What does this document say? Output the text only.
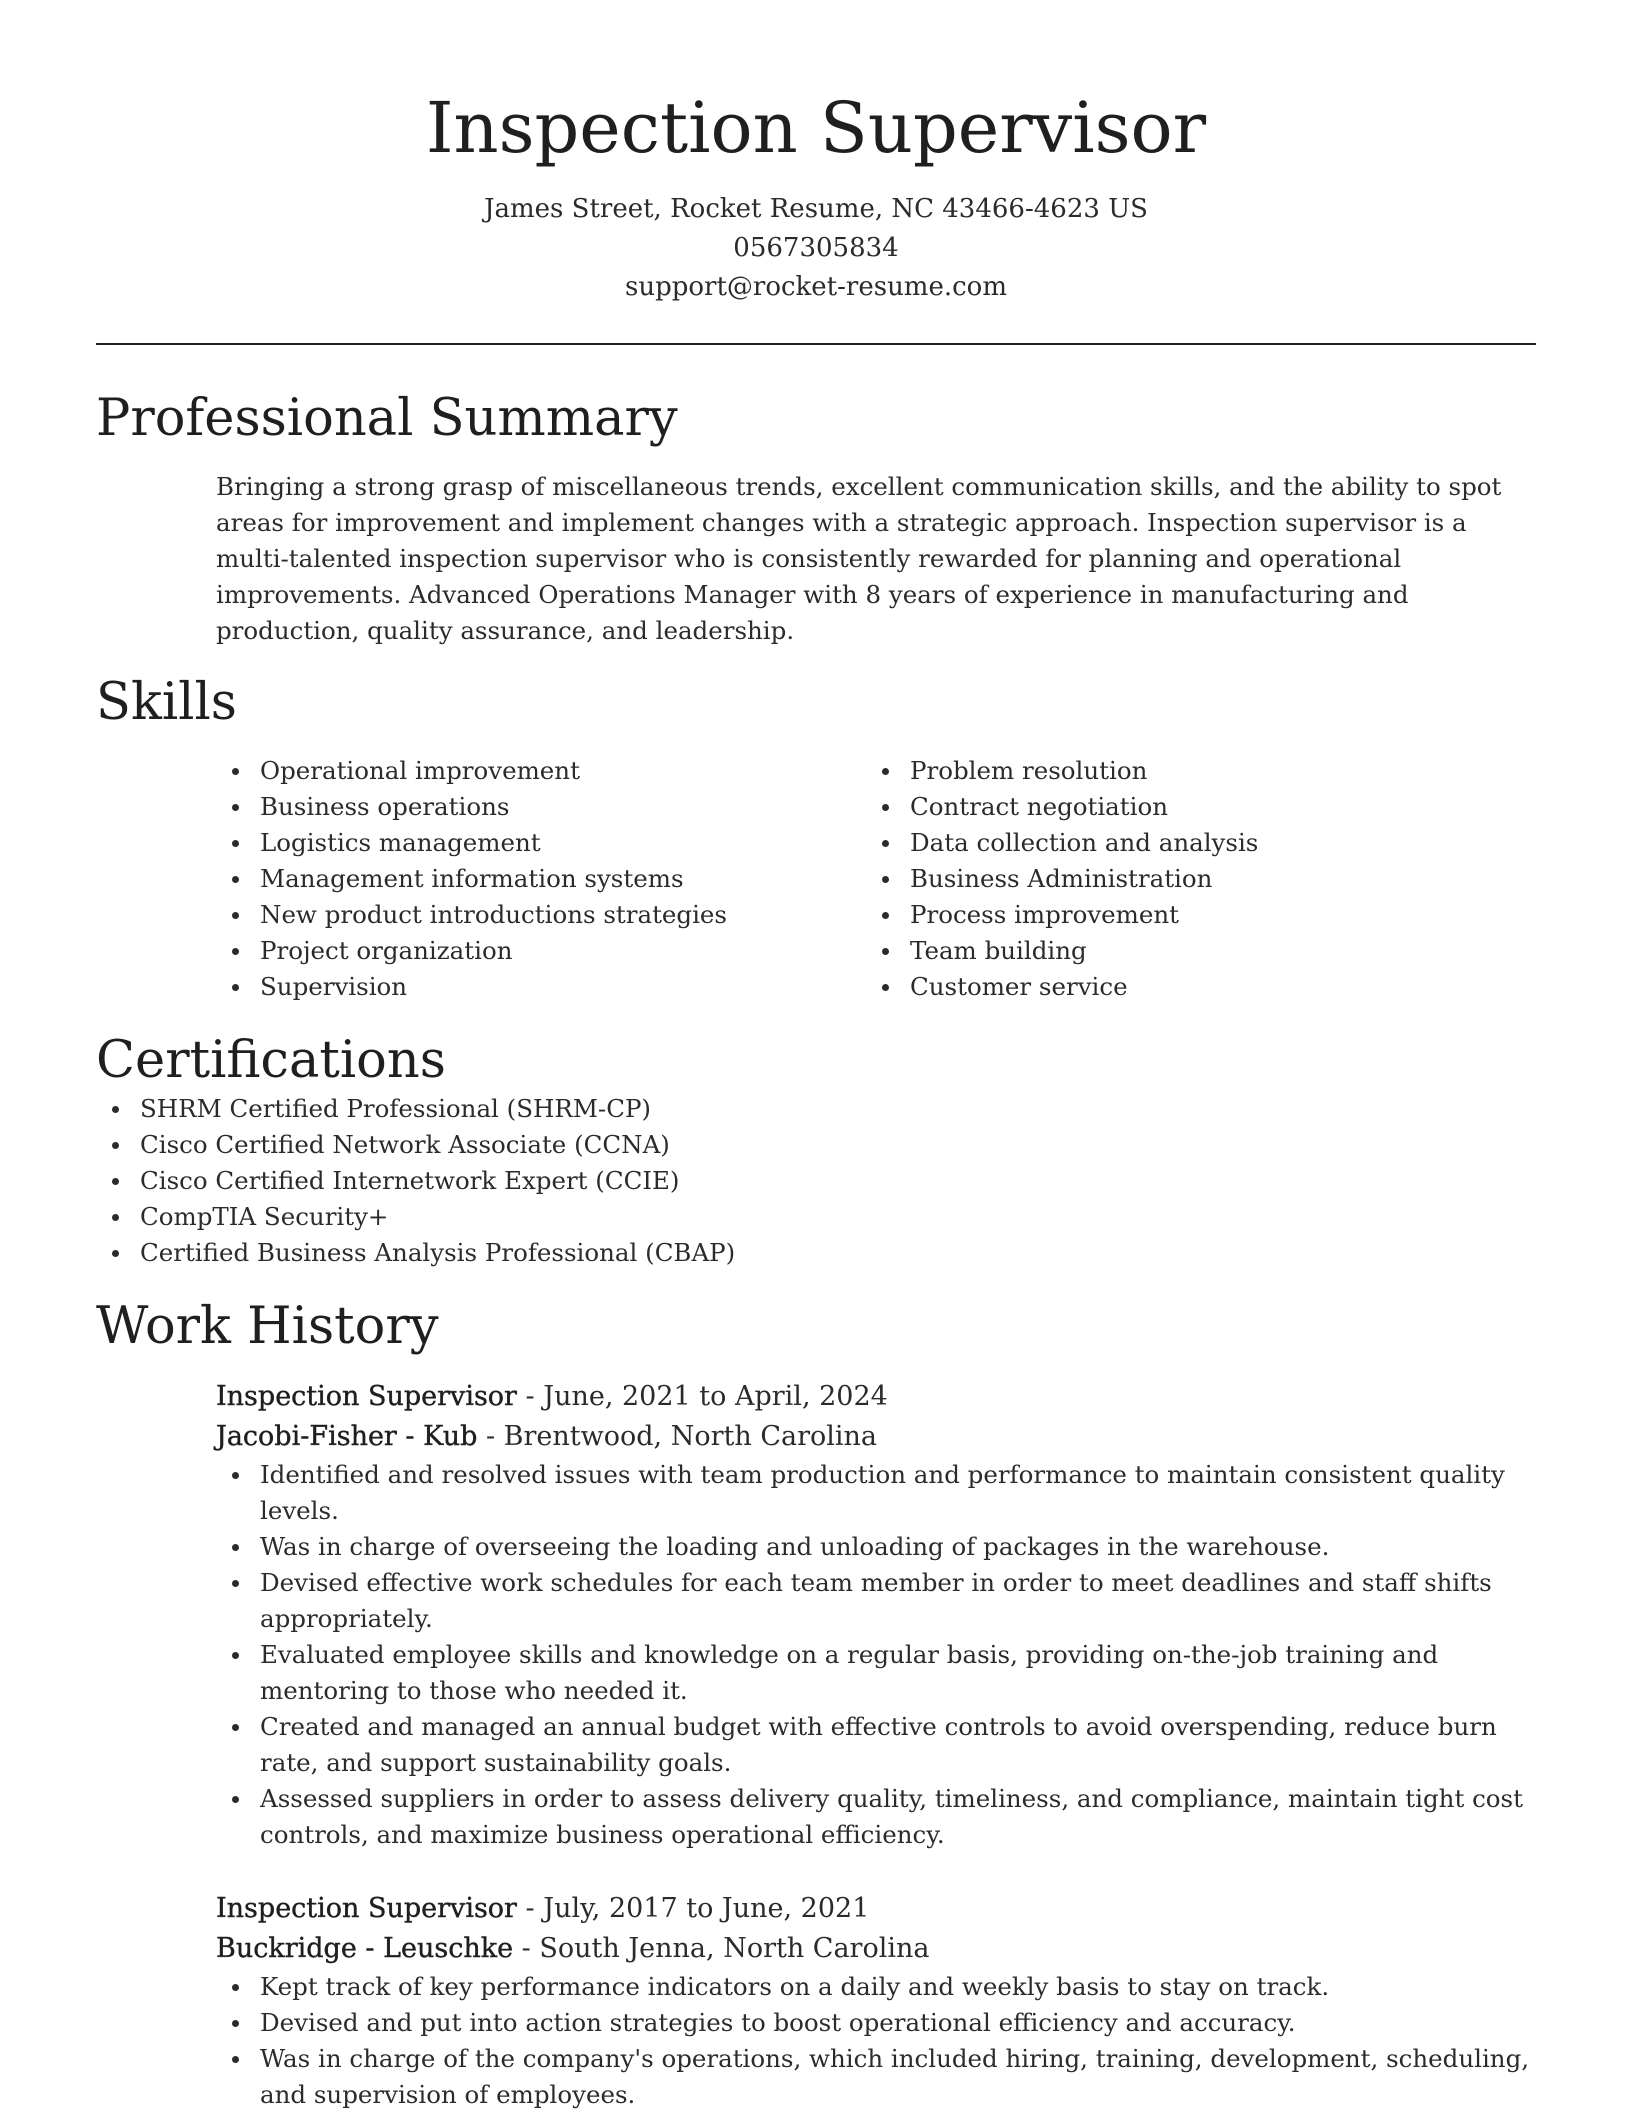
Inspection Supervisor
James Street, Rocket Resume, NC 43466-4623 US
0567305834
support@rocket-resume.com
Professional Summary

Bringing a strong grasp of miscellaneous trends, excellent communication skills, and the ability to spot areas for improvement and implement changes with a strategic approach. Inspection supervisor is a multi-talented inspection supervisor who is consistently rewarded for planning and operational improvements. Advanced Operations Manager with 8 years of experience in manufacturing and production, quality assurance, and leadership.

Skills
Operational improvement
Business operations
Logistics management
Management information systems
New product introductions strategies
Project organization
Supervision
Problem resolution
Contract negotiation
Data collection and analysis
Business Administration
Process improvement
Team building
Customer service
Certifications
SHRM Certified Professional (SHRM-CP)
Cisco Certified Network Associate (CCNA)
Cisco Certified Internetwork Expert (CCIE)
CompTIA Security+
Certified Business Analysis Professional (CBAP)
Work History
Inspection Supervisor - June, 2021 to April, 2024
Jacobi-Fisher - Kub - Brentwood, North Carolina
Identified and resolved issues with team production and performance to maintain consistent quality levels.
Was in charge of overseeing the loading and unloading of packages in the warehouse.
Devised effective work schedules for each team member in order to meet deadlines and staff shifts appropriately.
Evaluated employee skills and knowledge on a regular basis, providing on-the-job training and mentoring to those who needed it.
Created and managed an annual budget with effective controls to avoid overspending, reduce burn rate, and support sustainability goals.
Assessed suppliers in order to assess delivery quality, timeliness, and compliance, maintain tight cost controls, and maximize business operational efficiency.
Inspection Supervisor - July, 2017 to June, 2021
Buckridge - Leuschke - South Jenna, North Carolina
Kept track of key performance indicators on a daily and weekly basis to stay on track.
Devised and put into action strategies to boost operational efficiency and accuracy.
Was in charge of the company's operations, which included hiring, training, development, scheduling, and supervision of employees.
